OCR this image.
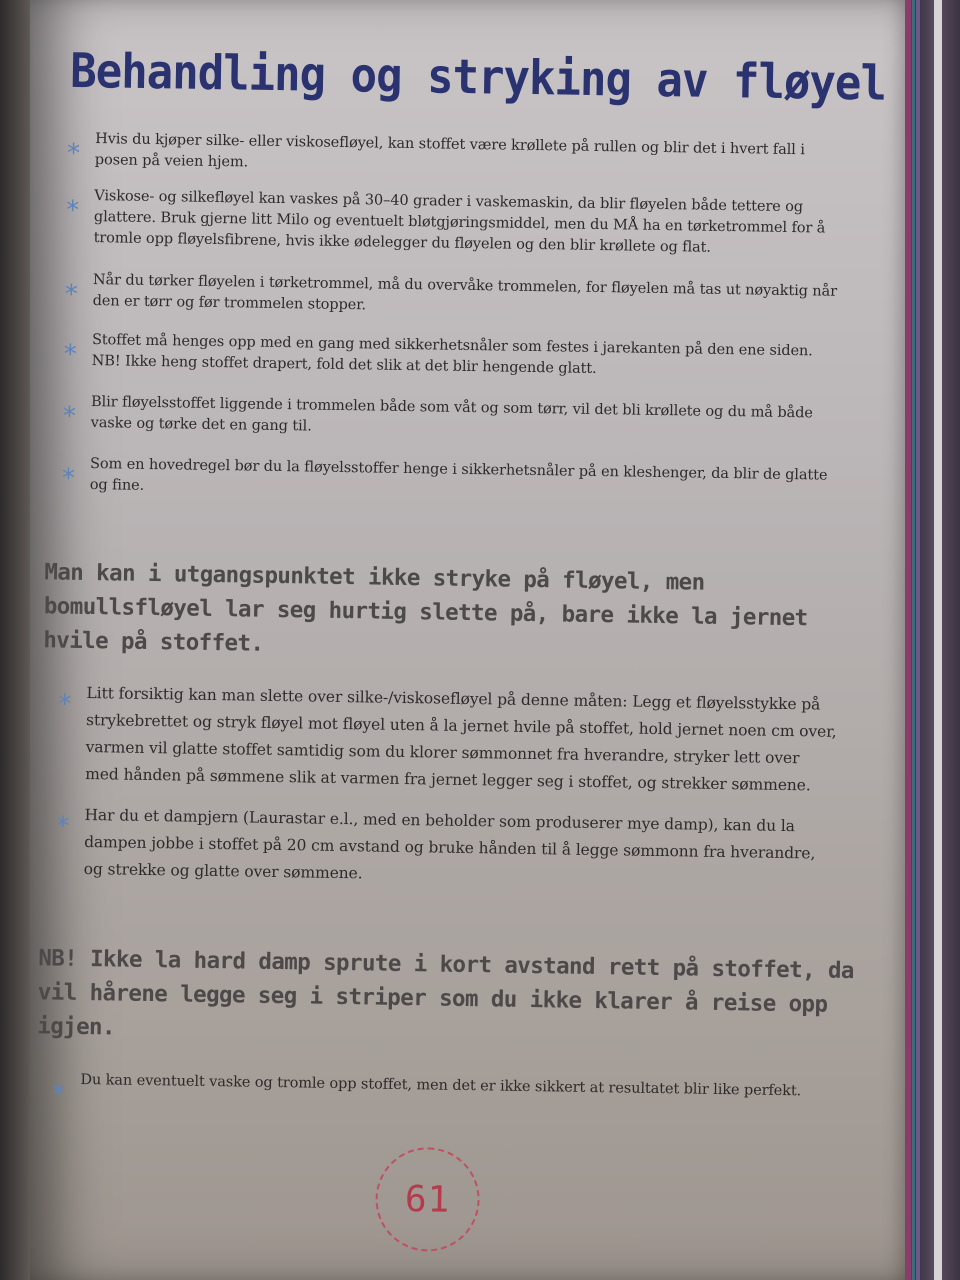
Behandling og stryking av fløyel
* Hvis du kjøper silke- eller viskosefløyel, kan stoffet være krøllete på rullen og blir det i hvert fall i posen på veien hjem.
* Viskose- og silkefløyel kan vaskes på 30–40 grader i vaskemaskin, da blir fløyelen både tettere og glattere. Bruk gjerne litt Milo og eventuelt bløtgjøringsmiddel, men du MÅ ha en tørketrommel for å tromle opp fløyelsfibrene, hvis ikke ødelegger du fløyelen og den blir krøllete og flat.
* Når du tørker fløyelen i tørketrommel, må du overvåke trommelen, for fløyelen må tas ut nøyaktig når den er tørr og før trommelen stopper.
* Stoffet må henges opp med en gang med sikkerhetsnåler som festes i jarekanten på den ene siden. NB! Ikke heng stoffet drapert, fold det slik at det blir hengende glatt.
* Blir fløyelsstoffet liggende i trommelen både som våt og som tørr, vil det bli krøllete og du må både vaske og tørke det en gang til.
* Som en hovedregel bør du la fløyelsstoffer henge i sikkerhetsnåler på en kleshenger, da blir de glatte og fine.

Man kan i utgangspunktet ikke stryke på fløyel, men bomullsfløyel lar seg hurtig slette på, bare ikke la jernet hvile på stoffet.

* Litt forsiktig kan man slette over silke-/viskosefløyel på denne måten: Legg et fløyelsstykke på strykebrettet og stryk fløyel mot fløyel uten å la jernet hvile på stoffet, hold jernet noen cm over, varmen vil glatte stoffet samtidig som du klorer sømmonnet fra hverandre, stryker lett over med hånden på sømmene slik at varmen fra jernet legger seg i stoffet, og strekker sømmene.
* Har du et dampjern (Laurastar e.l., med en beholder som produserer mye damp), kan du la dampen jobbe i stoffet på 20 cm avstand og bruke hånden til å legge sømmonn fra hverandre, og strekke og glatte over sømmene.

NB! Ikke la hard damp sprute i kort avstand rett på stoffet, da vil hårene legge seg i striper som du ikke klarer å reise opp igjen.

* Du kan eventuelt vaske og tromle opp stoffet, men det er ikke sikkert at resultatet blir like perfekt.
61
